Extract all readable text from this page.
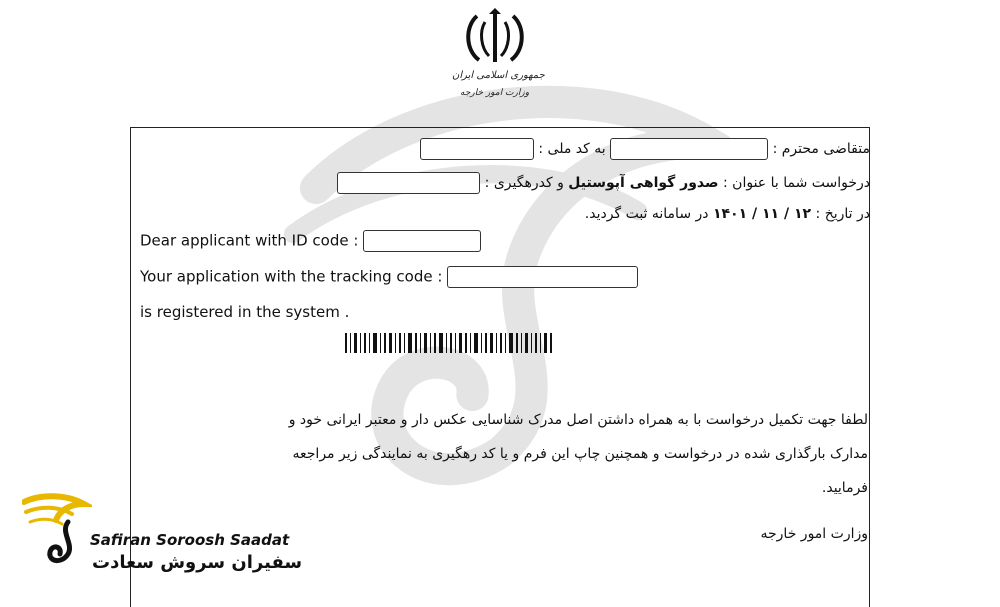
جمهوری اسلامی ایران
وزارت امور خارجه
متقاضی محترم :  به کد ملی :
درخواست شما با عنوان : صدور گواهی آپوستیل و کدرهگیری :
در تاریخ : ۱۲ / ۱۱ / ۱۴۰۱ در سامانه ثبت گردید.
Dear applicant with ID code :
Your application with the tracking code :
is registered in the system .
لطفا جهت تکمیل درخواست با به همراه داشتن اصل مدرک شناسایی عکس دار و معتبر ایرانی خود و
مدارک بارگذاری شده در درخواست و همچنین چاپ این فرم و یا کد رهگیری به نمایندگی زیر مراجعه
فرمایید.
وزارت امور خارجه
Safiran Soroosh Saadat
سفیران سروش سعادت
